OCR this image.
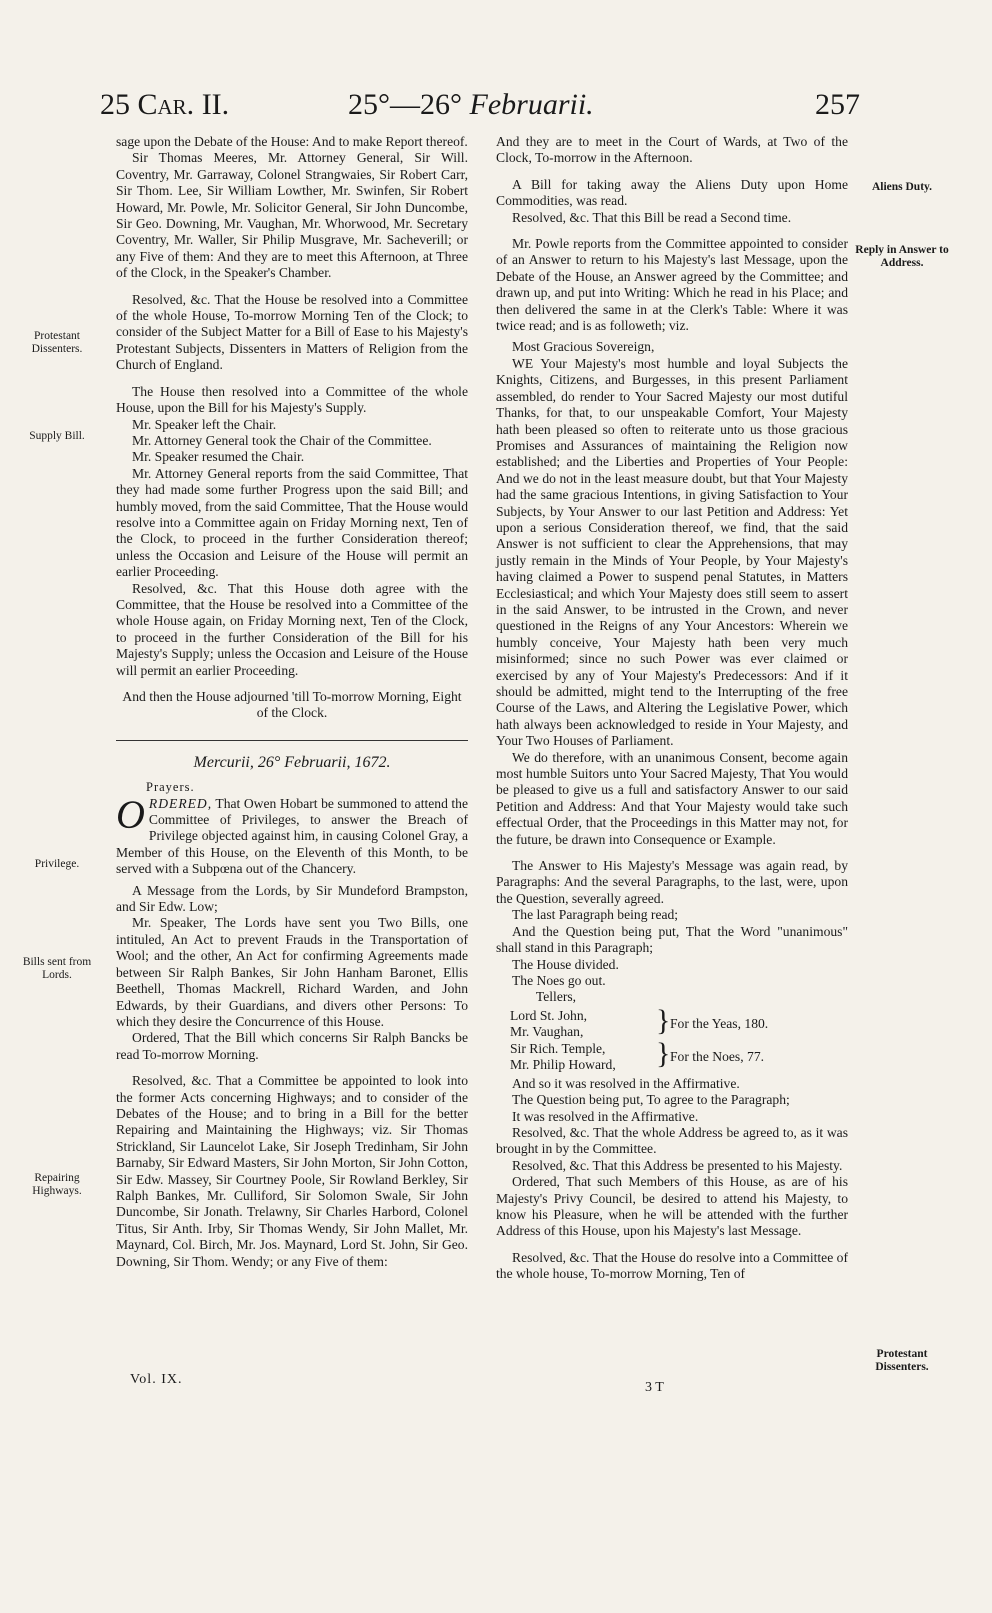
25 Car. II.	25°—26° Februarii.	257

sage upon the Debate of the House: And to make Report thereof.

Sir Thomas Meeres, Mr. Attorney General, Sir Will. Coventry, Mr. Garraway, Colonel Strangwaies, Sir Robert Carr, Sir Thom. Lee, Sir William Lowther, Mr. Swinfen, Sir Robert Howard, Mr. Powle, Mr. Solicitor General, Sir John Duncombe, Sir Geo. Downing, Mr. Vaughan, Mr. Whorwood, Mr. Secretary Coventry, Mr. Waller, Sir Philip Musgrave, Mr. Sacheverill; or any Five of them: And they are to meet this Afternoon, at Three of the Clock, in the Speaker's Chamber.

Resolved, &c. That the House be resolved into a Committee of the whole House, To-morrow Morning Ten of the Clock; to consider of the Subject Matter for a Bill of Ease to his Majesty's Protestant Subjects, Dissenters in Matters of Religion from the Church of England.

The House then resolved into a Committee of the whole House, upon the Bill for his Majesty's Supply.

Mr. Speaker left the Chair.

Mr. Attorney General took the Chair of the Committee.

Mr. Speaker resumed the Chair.

Mr. Attorney General reports from the said Committee, That they had made some further Progress upon the said Bill; and humbly moved, from the said Committee, That the House would resolve into a Committee again on Friday Morning next, Ten of the Clock, to proceed in the further Consideration thereof; unless the Occasion and Leisure of the House will permit an earlier Proceeding.

Resolved, &c. That this House doth agree with the Committee, that the House be resolved into a Committee of the whole House again, on Friday Morning next, Ten of the Clock, to proceed in the further Consideration of the Bill for his Majesty's Supply; unless the Occasion and Leisure of the House will permit an earlier Proceeding.

And then the House adjourned 'till To-morrow Morning, Eight of the Clock.

Mercurii, 26° Februarii, 1672.

Prayers.

ORDERED, That Owen Hobart be summoned to attend the Committee of Privileges, to answer the Breach of Privilege objected against him, in causing Colonel Gray, a Member of this House, on the Eleventh of this Month, to be served with a Subpœna out of the Chancery.

A Message from the Lords, by Sir Mundeford Brampston, and Sir Edw. Low;

Mr. Speaker, The Lords have sent you Two Bills, one intituled, An Act to prevent Frauds in the Transportation of Wool; and the other, An Act for confirming Agreements made between Sir Ralph Bankes, Sir John Hanham Baronet, Ellis Beethell, Thomas Mackrell, Richard Warden, and John Edwards, by their Guardians, and divers other Persons: To which they desire the Concurrence of this House.

Ordered, That the Bill which concerns Sir Ralph Bancks be read To-morrow Morning.

Resolved, &c. That a Committee be appointed to look into the former Acts concerning Highways; and to consider of the Debates of the House; and to bring in a Bill for the better Repairing and Maintaining the Highways; viz. Sir Thomas Strickland, Sir Launcelot Lake, Sir Joseph Tredinham, Sir John Barnaby, Sir Edward Masters, Sir John Morton, Sir John Cotton, Sir Edw. Massey, Sir Courtney Poole, Sir Rowland Berkley, Sir Ralph Bankes, Mr. Culliford, Sir Solomon Swale, Sir John Duncombe, Sir Jonath. Trelawny, Sir Charles Harbord, Colonel Titus, Sir Anth. Irby, Sir Thomas Wendy, Sir John Mallet, Mr. Maynard, Col. Birch, Mr. Jos. Maynard, Lord St. John, Sir Geo. Downing, Sir Thom. Wendy; or any Five of them:

And they are to meet in the Court of Wards, at Two of the Clock, To-morrow in the Afternoon.

A Bill for taking away the Aliens Duty upon Home Commodities, was read.

Resolved, &c. That this Bill be read a Second time.

Mr. Powle reports from the Committee appointed to consider of an Answer to return to his Majesty's last Message, upon the Debate of the House, an Answer agreed by the Committee; and drawn up, and put into Writing: Which he read in his Place; and then delivered the same in at the Clerk's Table: Where it was twice read; and is as followeth; viz.

Most Gracious Sovereign,

WE Your Majesty's most humble and loyal Subjects the Knights, Citizens, and Burgesses, in this present Parliament assembled, do render to Your Sacred Majesty our most dutiful Thanks, for that, to our unspeakable Comfort, Your Majesty hath been pleased so often to reiterate unto us those gracious Promises and Assurances of maintaining the Religion now established; and the Liberties and Properties of Your People: And we do not in the least measure doubt, but that Your Majesty had the same gracious Intentions, in giving Satisfaction to Your Subjects, by Your Answer to our last Petition and Address: Yet upon a serious Consideration thereof, we find, that the said Answer is not sufficient to clear the Apprehensions, that may justly remain in the Minds of Your People, by Your Majesty's having claimed a Power to suspend penal Statutes, in Matters Ecclesiastical; and which Your Majesty does still seem to assert in the said Answer, to be intrusted in the Crown, and never questioned in the Reigns of any Your Ancestors: Wherein we humbly conceive, Your Majesty hath been very much misinformed; since no such Power was ever claimed or exercised by any of Your Majesty's Predecessors: And if it should be admitted, might tend to the Interrupting of the free Course of the Laws, and Altering the Legislative Power, which hath always been acknowledged to reside in Your Majesty, and Your Two Houses of Parliament.

We do therefore, with an unanimous Consent, become again most humble Suitors unto Your Sacred Majesty, That You would be pleased to give us a full and satisfactory Answer to our said Petition and Address: And that Your Majesty would take such effectual Order, that the Proceedings in this Matter may not, for the future, be drawn into Consequence or Example.

The Answer to His Majesty's Message was again read, by Paragraphs: And the several Paragraphs, to the last, were, upon the Question, severally agreed.

The last Paragraph being read;

And the Question being put, That the Word "unanimous" shall stand in this Paragraph;

The House divided.

The Noes go out.

Tellers,

Lord St. John,
Mr. Vaughan,
Sir Rich. Temple,
Mr. Philip Howard,
}
}
For the Yeas, 180.
For the Noes, 77.

And so it was resolved in the Affirmative.

The Question being put, To agree to the Paragraph;

It was resolved in the Affirmative.

Resolved, &c. That the whole Address be agreed to, as it was brought in by the Committee.

Resolved, &c. That this Address be presented to his Majesty.

Ordered, That such Members of this House, as are of his Majesty's Privy Council, be desired to attend his Majesty, to know his Pleasure, when he will be attended with the further Address of this House, upon his Majesty's last Message.

Resolved, &c. That the House do resolve into a Committee of the whole house, To-morrow Morning, Ten of

Protestant Dissenters.
Supply Bill.
Privilege.
Bills sent from Lords.
Repairing Highways.
Aliens Duty.
Reply in Answer to Address.
Protestant Dissenters.
Vol. IX.
3 T
